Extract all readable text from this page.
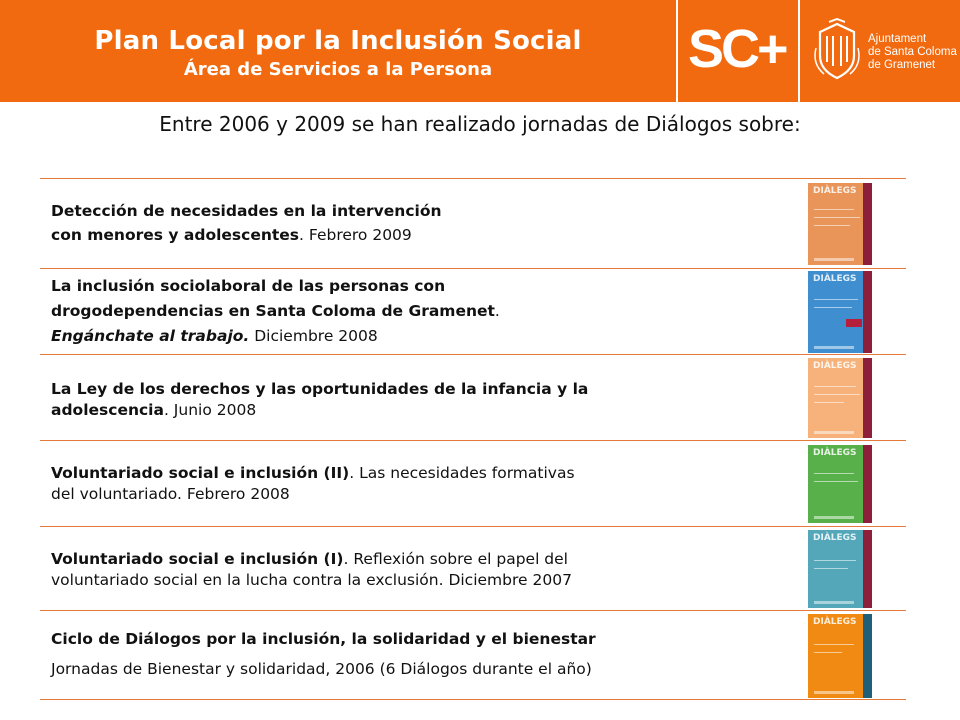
Plan Local por la Inclusión Social
Área de Servicios a la Persona	SC+	Ajuntament
de Santa Coloma
de Gramenet
Entre 2006 y 2009 se han realizado jornadas de Diálogos sobre:
Detección de necesidades en la intervención
con menores y adolescentes. Febrero 2009
DIÀLEGS
La inclusión sociolaboral de las personas con
drogodependencias en Santa Coloma de Gramenet.
Engánchate al trabajo. Diciembre 2008
DIÀLEGS
La Ley de los derechos y las oportunidades de la infancia y la
adolescencia. Junio 2008
DIÀLEGS
Voluntariado social e inclusión (II). Las necesidades formativas
del voluntariado. Febrero 2008
DIÀLEGS
Voluntariado social e inclusión (I). Reflexión sobre el papel del
voluntariado social en la lucha contra la exclusión. Diciembre 2007
DIÀLEGS
Ciclo de Diálogos por la inclusión, la solidaridad y el bienestar
Jornadas de Bienestar y solidaridad, 2006 (6 Diálogos durante el año)
DIÀLEGS
